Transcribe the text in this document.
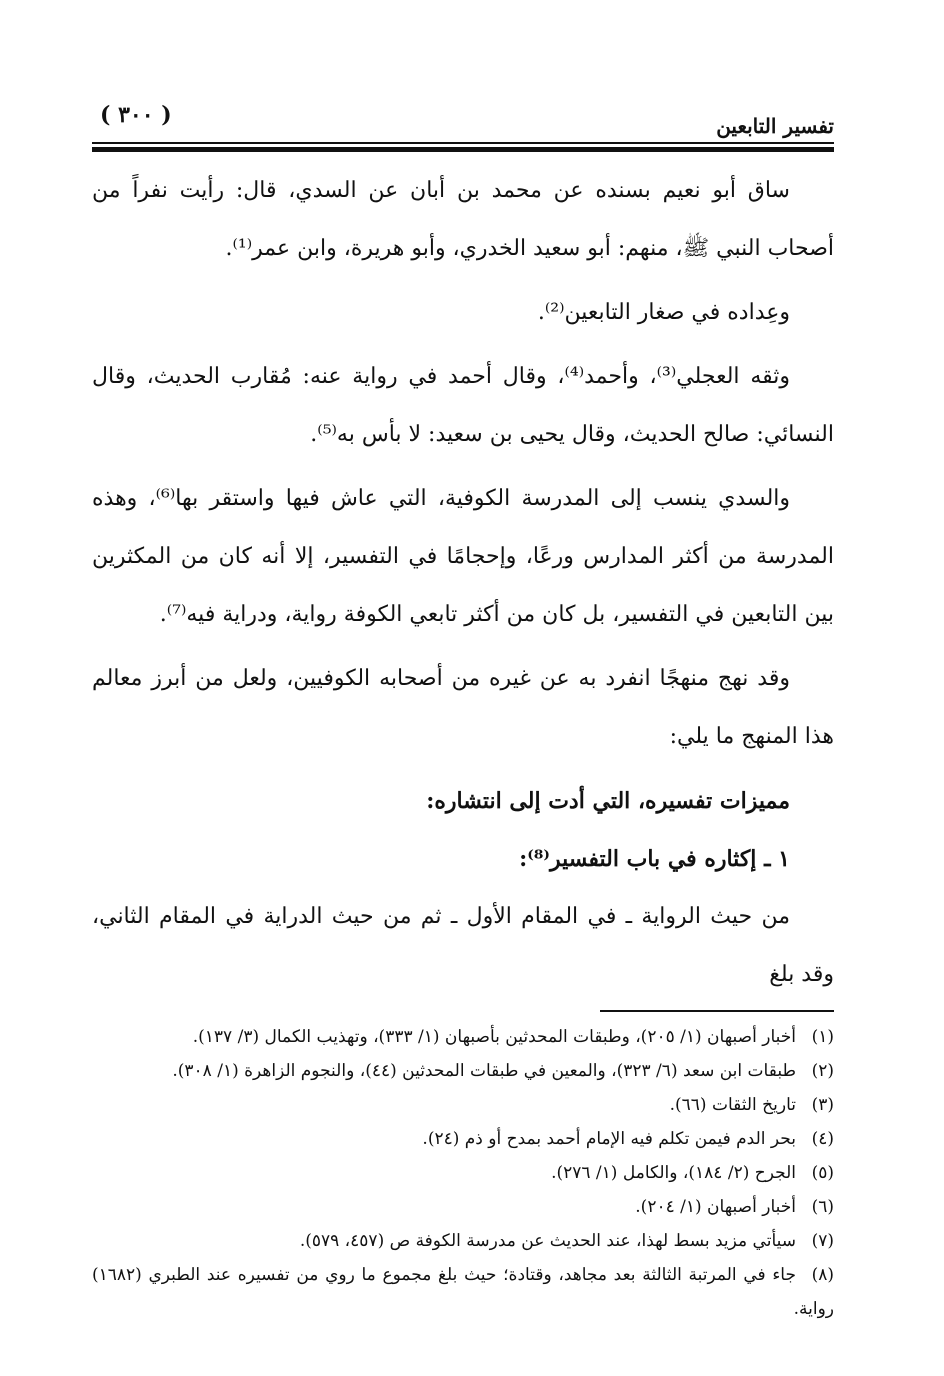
تفسير التابعين
( ٣٠٠ )

ساق أبو نعيم بسنده عن محمد بن أبان عن السدي، قال: رأيت نفراً من أصحاب النبي ﷺ، منهم: أبو سعيد الخدري، وأبو هريرة، وابن عمر⁽¹⁾.

وعِداده في صغار التابعين⁽²⁾.

وثقه العجلي⁽³⁾، وأحمد⁽⁴⁾، وقال أحمد في رواية عنه: مُقارب الحديث، وقال النسائي: صالح الحديث، وقال يحيى بن سعيد: لا بأس به⁽⁵⁾.

والسدي ينسب إلى المدرسة الكوفية، التي عاش فيها واستقر بها⁽⁶⁾، وهذه المدرسة من أكثر المدارس ورعًا، وإحجامًا في التفسير، إلا أنه كان من المكثرين بين التابعين في التفسير، بل كان من أكثر تابعي الكوفة رواية، ودراية فيه⁽⁷⁾.

وقد نهج منهجًا انفرد به عن غيره من أصحابه الكوفيين، ولعل من أبرز معالم هذا المنهج ما يلي:

مميزات تفسيره، التي أدت إلى انتشاره:

١ ـ إكثاره في باب التفسير⁽⁸⁾:

من حيث الرواية ـ في المقام الأول ـ ثم من حيث الدراية في المقام الثاني، وقد بلغ

(١)أخبار أصبهان (١/ ٢٠٥)، وطبقات المحدثين بأصبهان (١/ ٣٣٣)، وتهذيب الكمال (٣/ ١٣٧).

(٢)طبقات ابن سعد (٦/ ٣٢٣)، والمعين في طبقات المحدثين (٤٤)، والنجوم الزاهرة (١/ ٣٠٨).

(٣)تاريخ الثقات (٦٦).

(٤)بحر الدم فيمن تكلم فيه الإمام أحمد بمدح أو ذم (٢٤).

(٥)الجرح (٢/ ١٨٤)، والكامل (١/ ٢٧٦).

(٦)أخبار أصبهان (١/ ٢٠٤).

(٧)سيأتي مزيد بسط لهذا، عند الحديث عن مدرسة الكوفة ص (٤٥٧، ٥٧٩).

(٨)جاء في المرتبة الثالثة بعد مجاهد، وقتادة؛ حيث بلغ مجموع ما روي من تفسيره عند الطبري (١٦٨٢) رواية.
